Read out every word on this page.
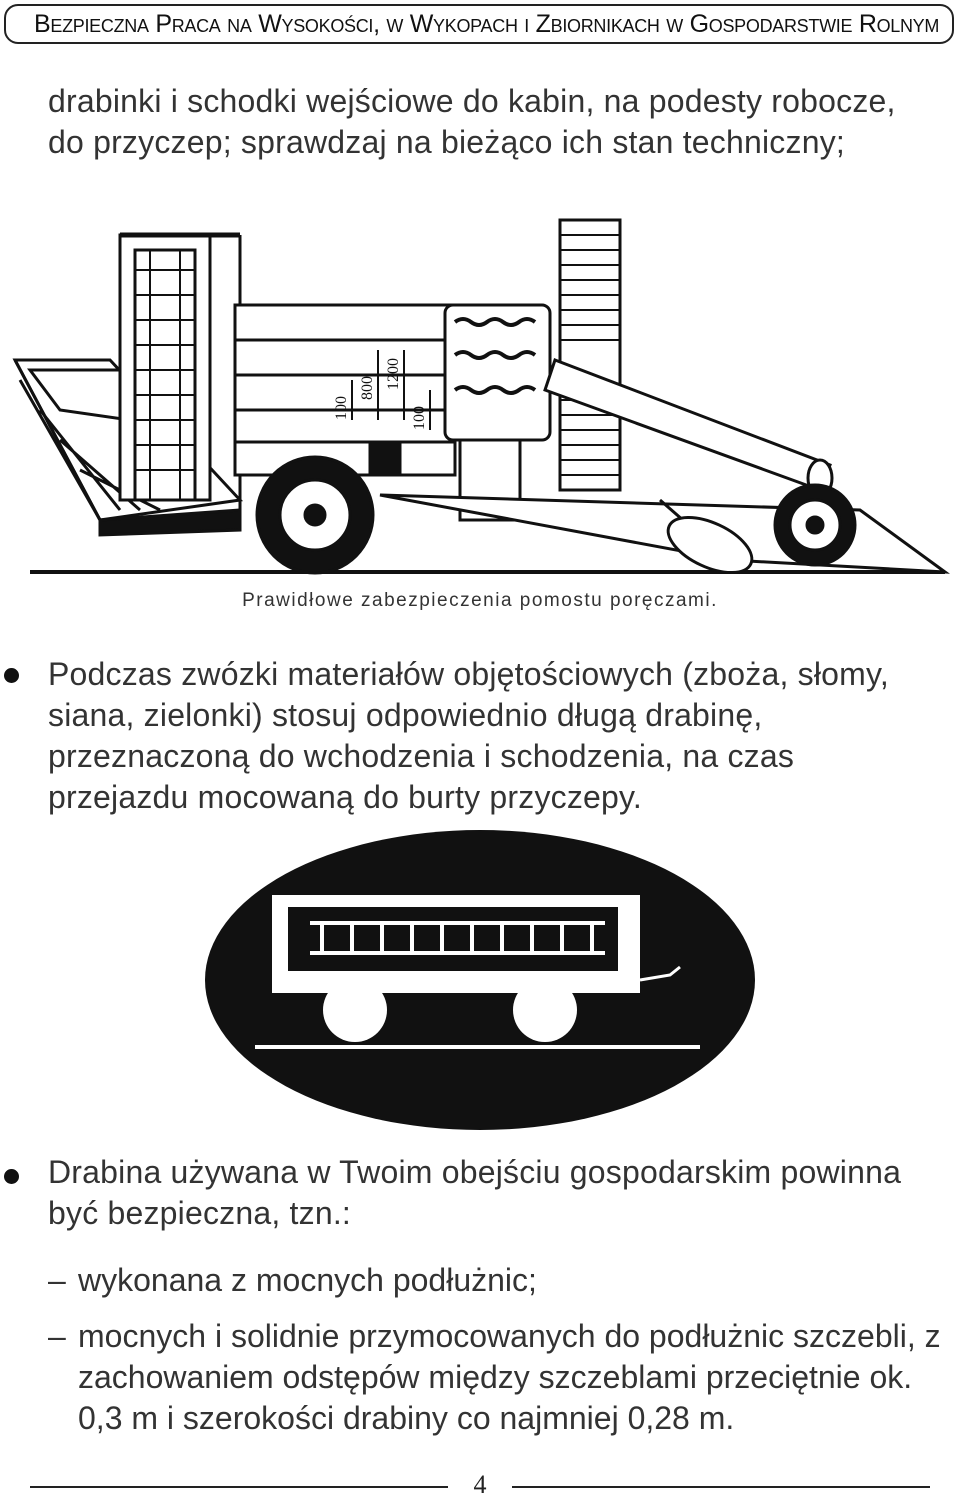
Bezpieczna Praca na Wysokości, w Wykopach i Zbiornikach w Gospodarstwie Rolnym
drabinki i schodki wejściowe do kabin, na podesty robocze, do przyczep; sprawdzaj na bieżąco ich stan techniczny;
100
800 1200
100
Prawidłowe zabezpieczenia pomostu poręczami.
Podczas zwózki materiałów objętościowych (zboża, słomy, siana, zielonki) stosuj odpowiednio długą drabinę, przeznaczoną do wchodzenia i schodzenia, na czas przejazdu mocowaną do burty przyczepy.
Drabina używana w Twoim obejściu gospodarskim powinna być bezpieczna, tzn.:
– wykonana z mocnych podłużnic;
– mocnych i solidnie przymocowanych do podłużnic szczebli, z zachowaniem odstępów między szczeblami przeciętnie ok. 0,3 m i szerokości drabiny co najmniej 0,28 m.
4
